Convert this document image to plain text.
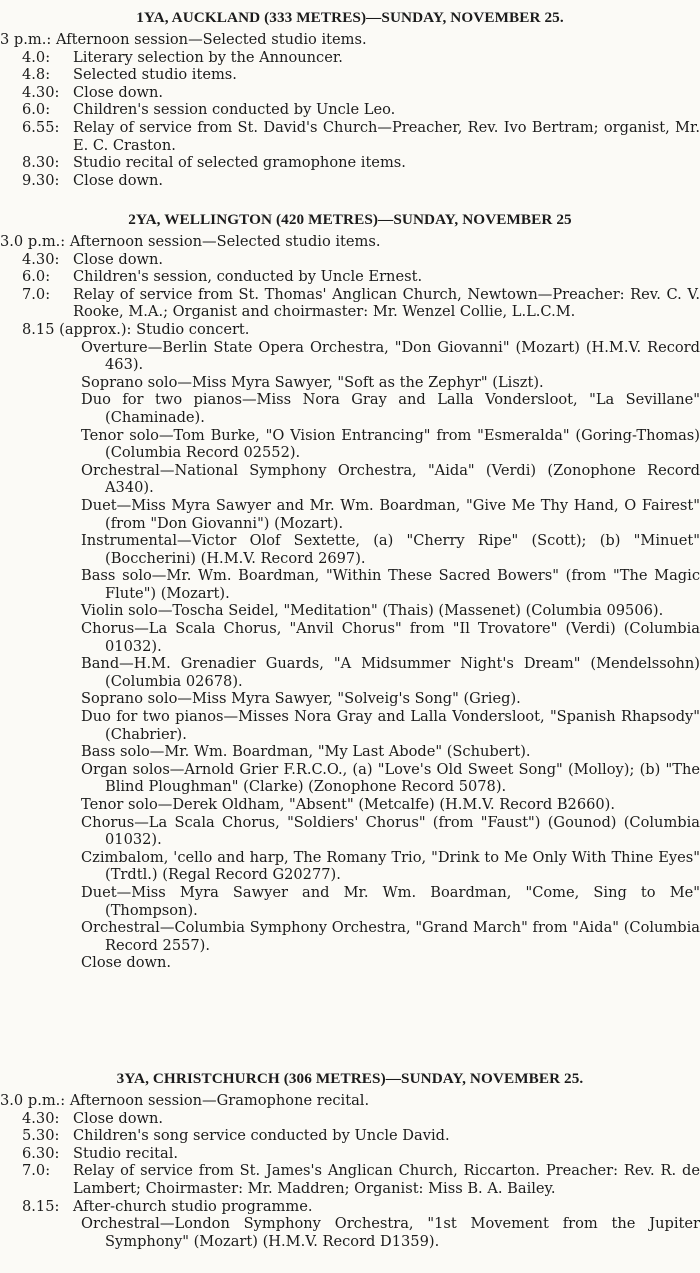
1YA, AUCKLAND (333 METRES)—SUNDAY, NOVEMBER 25.
3 p.m.: Afternoon session—Selected studio items.
4.0:	Literary selection by the Announcer.
4.8:	Selected studio items.
4.30: Close down.
6.0:	Children's session conducted by Uncle Leo.
6.55: Relay of service from St. David's Church—Preacher, Rev. Ivo Bertram; organist, Mr. E. C. Craston.
8.30: Studio recital of selected gramophone items.
9.30: Close down.
2YA, WELLINGTON (420 METRES)—SUNDAY, NOVEMBER 25
3.0 p.m.: Afternoon session—Selected studio items.
4.30: Close down.
6.0:	Children's session, conducted by Uncle Ernest.
7.0:	Relay of service from St. Thomas' Anglican Church, Newtown—Preacher: Rev. C. V. Rooke, M.A.; Organist and choirmaster: Mr. Wenzel Collie, L.L.C.M.
8.15 (approx.): Studio concert.
Overture—Berlin State Opera Orchestra, "Don Giovanni" (Mozart) (H.M.V. Record 463).
Soprano solo—Miss Myra Sawyer, "Soft as the Zephyr" (Liszt).
Duo for two pianos—Miss Nora Gray and Lalla Vondersloot, "La Sevillane" (Chaminade).
Tenor solo—Tom Burke, "O Vision Entrancing" from "Esmeralda" (Goring-Thomas) (Columbia Record 02552).
Orchestral—National Symphony Orchestra, "Aida" (Verdi) (Zonophone Record A340).
Duet—Miss Myra Sawyer and Mr. Wm. Boardman, "Give Me Thy Hand, O Fairest" (from "Don Giovanni") (Mozart).
Instrumental—Victor Olof Sextette, (a) "Cherry Ripe" (Scott); (b) "Minuet" (Boccherini) (H.M.V. Record 2697).
Bass solo—Mr. Wm. Boardman, "Within These Sacred Bowers" (from "The Magic Flute") (Mozart).
Violin solo—Toscha Seidel, "Meditation" (Thais) (Massenet) (Columbia 09506).
Chorus—La Scala Chorus, "Anvil Chorus" from "Il Trovatore" (Verdi) (Columbia 01032).
Band—H.M. Grenadier Guards, "A Midsummer Night's Dream" (Mendelssohn) (Columbia 02678).
Soprano solo—Miss Myra Sawyer, "Solveig's Song" (Grieg).
Duo for two pianos—Misses Nora Gray and Lalla Vondersloot, "Spanish Rhapsody" (Chabrier).
Bass solo—Mr. Wm. Boardman, "My Last Abode" (Schubert).
Organ solos—Arnold Grier F.R.C.O., (a) "Love's Old Sweet Song" (Molloy); (b) "The Blind Ploughman" (Clarke) (Zonophone Record 5078).
Tenor solo—Derek Oldham, "Absent" (Metcalfe) (H.M.V. Record B2660).
Chorus—La Scala Chorus, "Soldiers' Chorus" (from "Faust") (Gounod) (Columbia 01032).
Czimbalom, 'cello and harp, The Romany Trio, "Drink to Me Only With Thine Eyes" (Trdtl.) (Regal Record G20277).
Duet—Miss Myra Sawyer and Mr. Wm. Boardman, "Come, Sing to Me" (Thompson).
Orchestral—Columbia Symphony Orchestra, "Grand March" from "Aida" (Columbia Record 2557).
Close down.
3YA, CHRISTCHURCH (306 METRES)—SUNDAY, NOVEMBER 25.
3.0 p.m.: Afternoon session—Gramophone recital.
4.30: Close down.
5.30: Children's song service conducted by Uncle David.
6.30: Studio recital.
7.0:	Relay of service from St. James's Anglican Church, Riccarton. Preacher: Rev. R. de Lambert; Choirmaster: Mr. Maddren; Organist: Miss B. A. Bailey.
8.15: After-church studio programme.
Orchestral—London Symphony Orchestra, "1st Movement from the Jupiter Symphony" (Mozart) (H.M.V. Record D1359).
